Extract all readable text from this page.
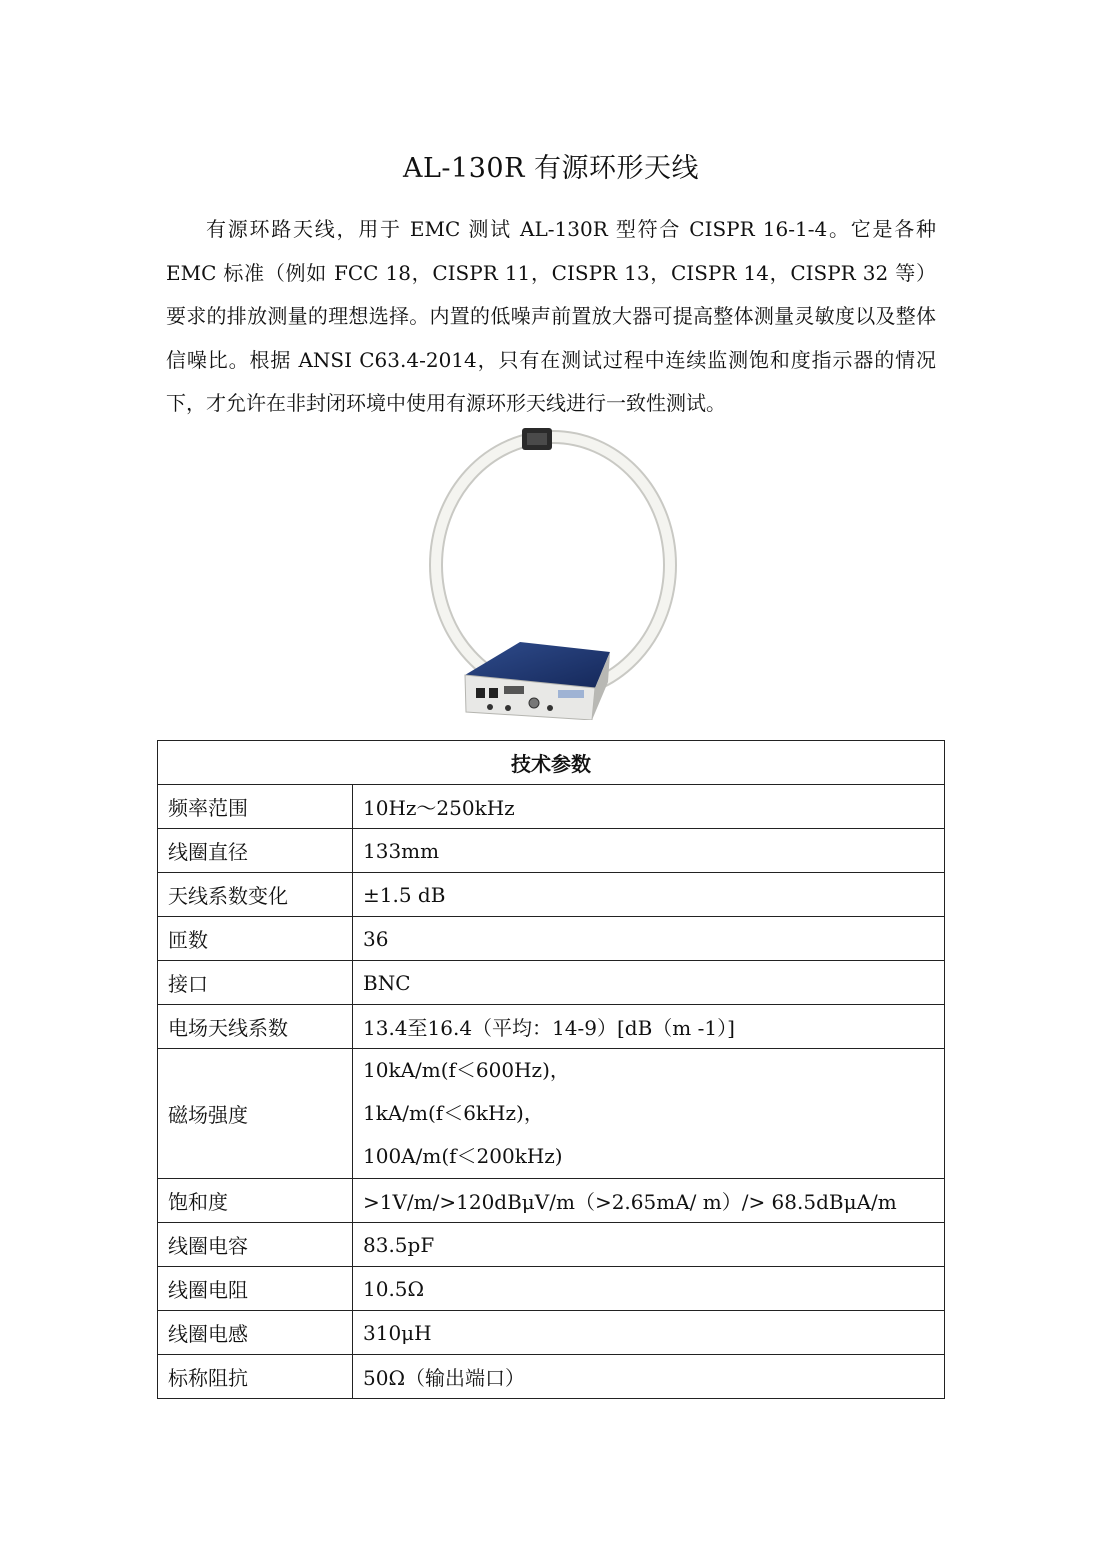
AL-130R 有源环形天线

有源环路天线，用于 EMC 测试 AL-130R 型符合 CISPR 16-1-4。它是各种 EMC 标准（例如 FCC 18，CISPR 11，CISPR 13，CISPR 14，CISPR 32 等）要求的排放测量的理想选择。内置的低噪声前置放大器可提高整体测量灵敏度以及整体信噪比。根据 ANSI C63.4-2014，只有在测试过程中连续监测饱和度指示器的情况下，才允许在非封闭环境中使用有源环形天线进行一致性测试。

技术参数	
频率范围	10Hz～250kHz
线圈直径	133mm
天线系数变化	±1.5 dB
匝数	36
接口	BNC
电场天线系数	13.4至16.4（平均：14-9）[dB（m -1）]
磁场强度	10kA/m(f＜600Hz)，
1kA/m(f＜6kHz)，
100A/m(f＜200kHz)

饱和度	>1V/m/>120dBμV/m（>2.65mA/ m）/> 68.5dBμA/m
线圈电容	83.5pF
线圈电阻	10.5Ω
线圈电感	310μH
标称阻抗	50Ω（输出端口）
